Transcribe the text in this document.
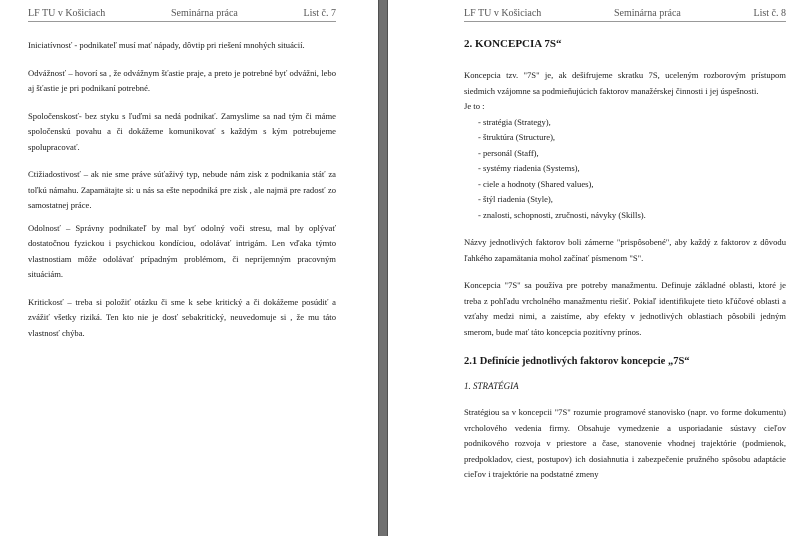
LF TU v Košiciach	Seminárna práca	List č. 7

Iniciatívnosť - podnikateľ musí mať nápady, dôvtip pri riešení mnohých situácií.

Odvážnosť – hovorí sa , že odvážnym šťastie praje, a preto je potrebné byť odvážni, lebo aj šťastie je pri podnikaní potrebné.

Spoločenskosť- bez styku s ľuďmi sa nedá podnikať. Zamyslime sa nad tým či máme spoločenskú povahu a či dokážeme komunikovať s každým s kým potrebujeme spolupracovať.

Ctižiadostivosť – ak nie sme práve súťaživý typ, nebude nám zisk z podnikania stáť za toľkú námahu. Zapamätajte si: u nás sa ešte nepodniká pre zisk , ale najmä pre radosť zo samostatnej práce.

Odolnosť – Správny podnikateľ by mal byť odolný voči stresu, mal by oplývať dostatočnou fyzickou i psychickou kondíciou, odolávať intrigám. Len vďaka týmto vlastnostiam môže odolávať prípadným problémom, či nepríjemným pracovným situáciám.

Kritickosť – treba si položiť otázku či sme k sebe kritický a či dokážeme posúdiť a zvážiť všetky riziká. Ten kto nie je dosť sebakritický, neuvedomuje si , že mu táto vlastnosť chýba.

LF TU v Košiciach	Seminárna práca	List č. 8
2. KONCEPCIA 7S“

Koncepcia tzv. "7S" je, ak dešifrujeme skratku 7S, uceleným rozborovým prístupom siedmich vzájomne sa podmieňujúcich faktorov manažérskej činnosti i jej úspešnosti.

Je to :

- stratégia (Strategy),
- štruktúra (Structure),
- personál (Staff),
- systémy riadenia (Systems),
- ciele a hodnoty (Shared values),
- štýl riadenia (Style),
- znalosti, schopnosti, zručnosti, návyky (Skills).

Názvy jednotlivých faktorov boli zámerne "prispôsobené", aby každý z faktorov z dôvodu ľahkého zapamätania mohol začínať písmenom "S".

Koncepcia "7S" sa používa pre potreby manažmentu. Definuje základné oblasti, ktoré je treba z pohľadu vrcholného manažmentu riešiť. Pokiaľ identifikujete tieto kľúčové oblasti a vzťahy medzi nimi, a zaistíme, aby efekty v jednotlivých oblastiach pôsobili jedným smerom, bude mať táto koncepcia pozitívny prínos.

2.1 Definície jednotlivých faktorov koncepcie „7S“
1. STRATÉGIA

Stratégiou sa v koncepcii "7S" rozumie programové stanovisko (napr. vo forme dokumentu) vrcholového vedenia firmy. Obsahuje vymedzenie a usporiadanie sústavy cieľov podnikového rozvoja v priestore a čase, stanovenie vhodnej trajektórie (podmienok, predpokladov, ciest, postupov) ich dosiahnutia i zabezpečenie pružného spôsobu adaptácie cieľov i trajektórie na podstatné zmeny
